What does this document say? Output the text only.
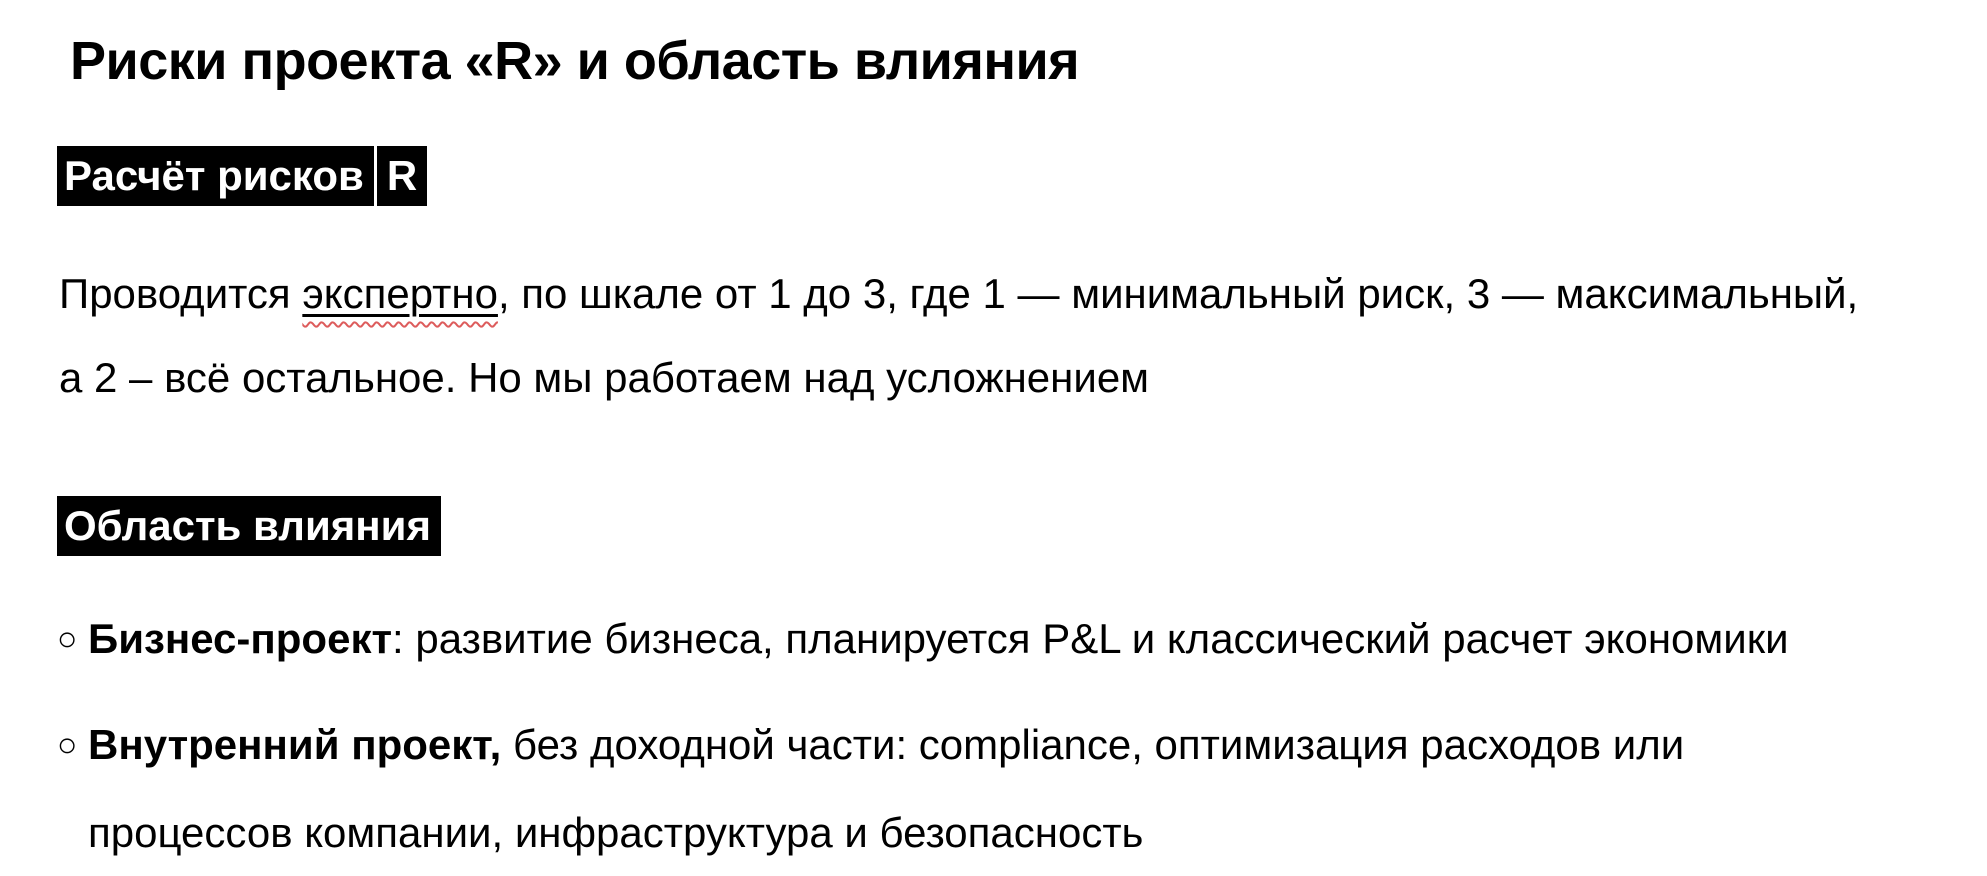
Риски проекта «R» и область влияния
Расчёт рисков R
Проводится экспертно, по шкале от 1 до 3, где 1 — минимальный риск, 3 — максимальный,
а 2 – всё остальное. Но мы работаем над усложнением
Область влияния
○ Бизнес-проект: развитие бизнеса, планируется P&L и классический расчет экономики
○ Внутренний проект, без доходной части: compliance, оптимизация расходов или
процессов компании, инфраструктура и безопасность
